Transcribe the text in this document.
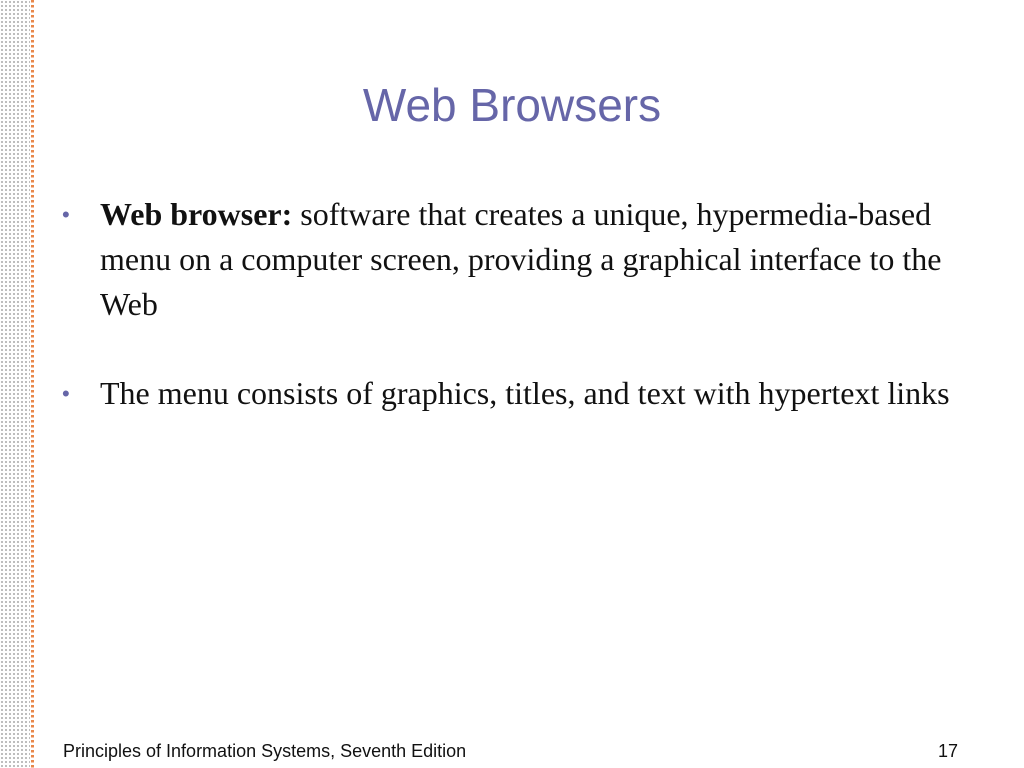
Web Browsers
• Web browser: software that creates a unique, hypermedia-based menu on a computer screen, providing a graphical interface to the Web
• The menu consists of graphics, titles, and text with hypertext links
Principles of Information Systems, Seventh Edition	17
